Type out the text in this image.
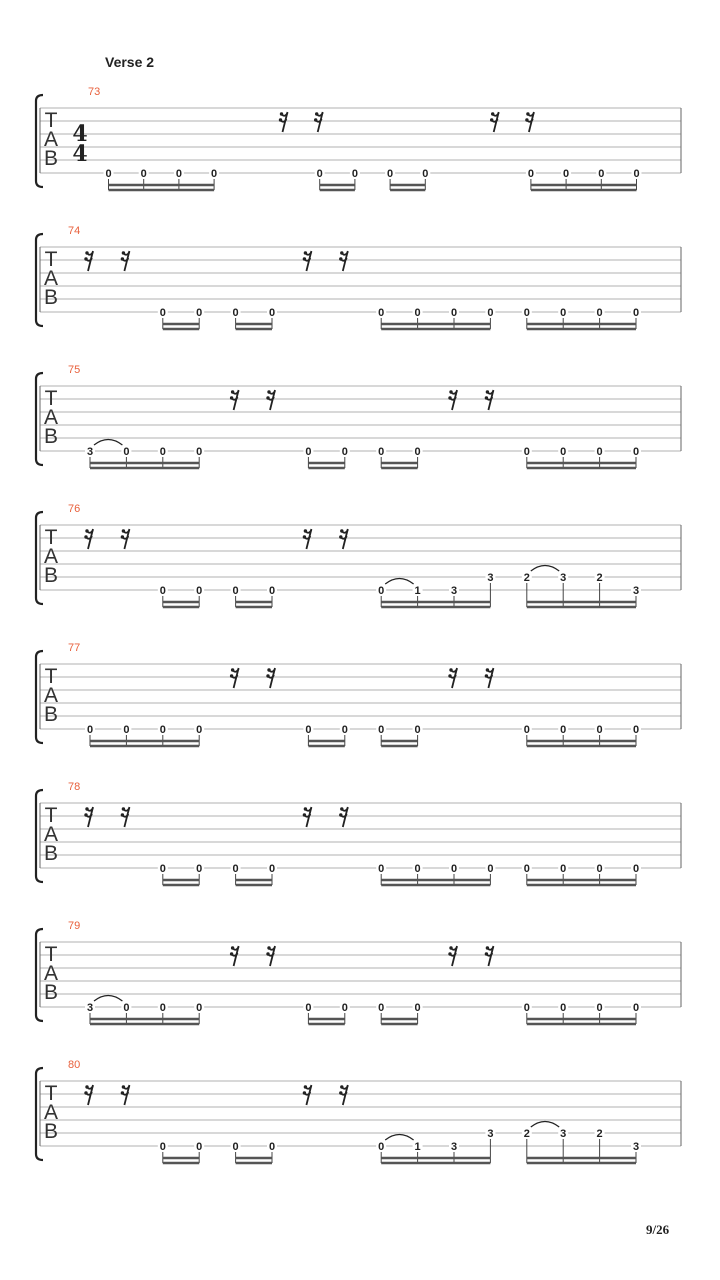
Verse 2
T
A
B
4
4
73
0	0	0	0	0	0	0	0	0	0	0	0
T
A
B
74
0	0	0	0	0	0	0	0	0	0	0	0
T
A
B
75
3	0	0	0	0	0	0	0	0	0	0	0
T
A
B
76
0	0	0	0	0	1	3
3	2	3	2
3
T
A
B
77
0	0	0	0	0	0	0	0	0	0	0	0
T
A
B
78
0	0	0	0	0	0	0	0	0	0	0	0
T
A
B
79
3	0	0	0	0	0	0	0	0	0	0	0
T
A
B
80
0	0	0	0	0	1	3
3	2	3	2
3
9/26
